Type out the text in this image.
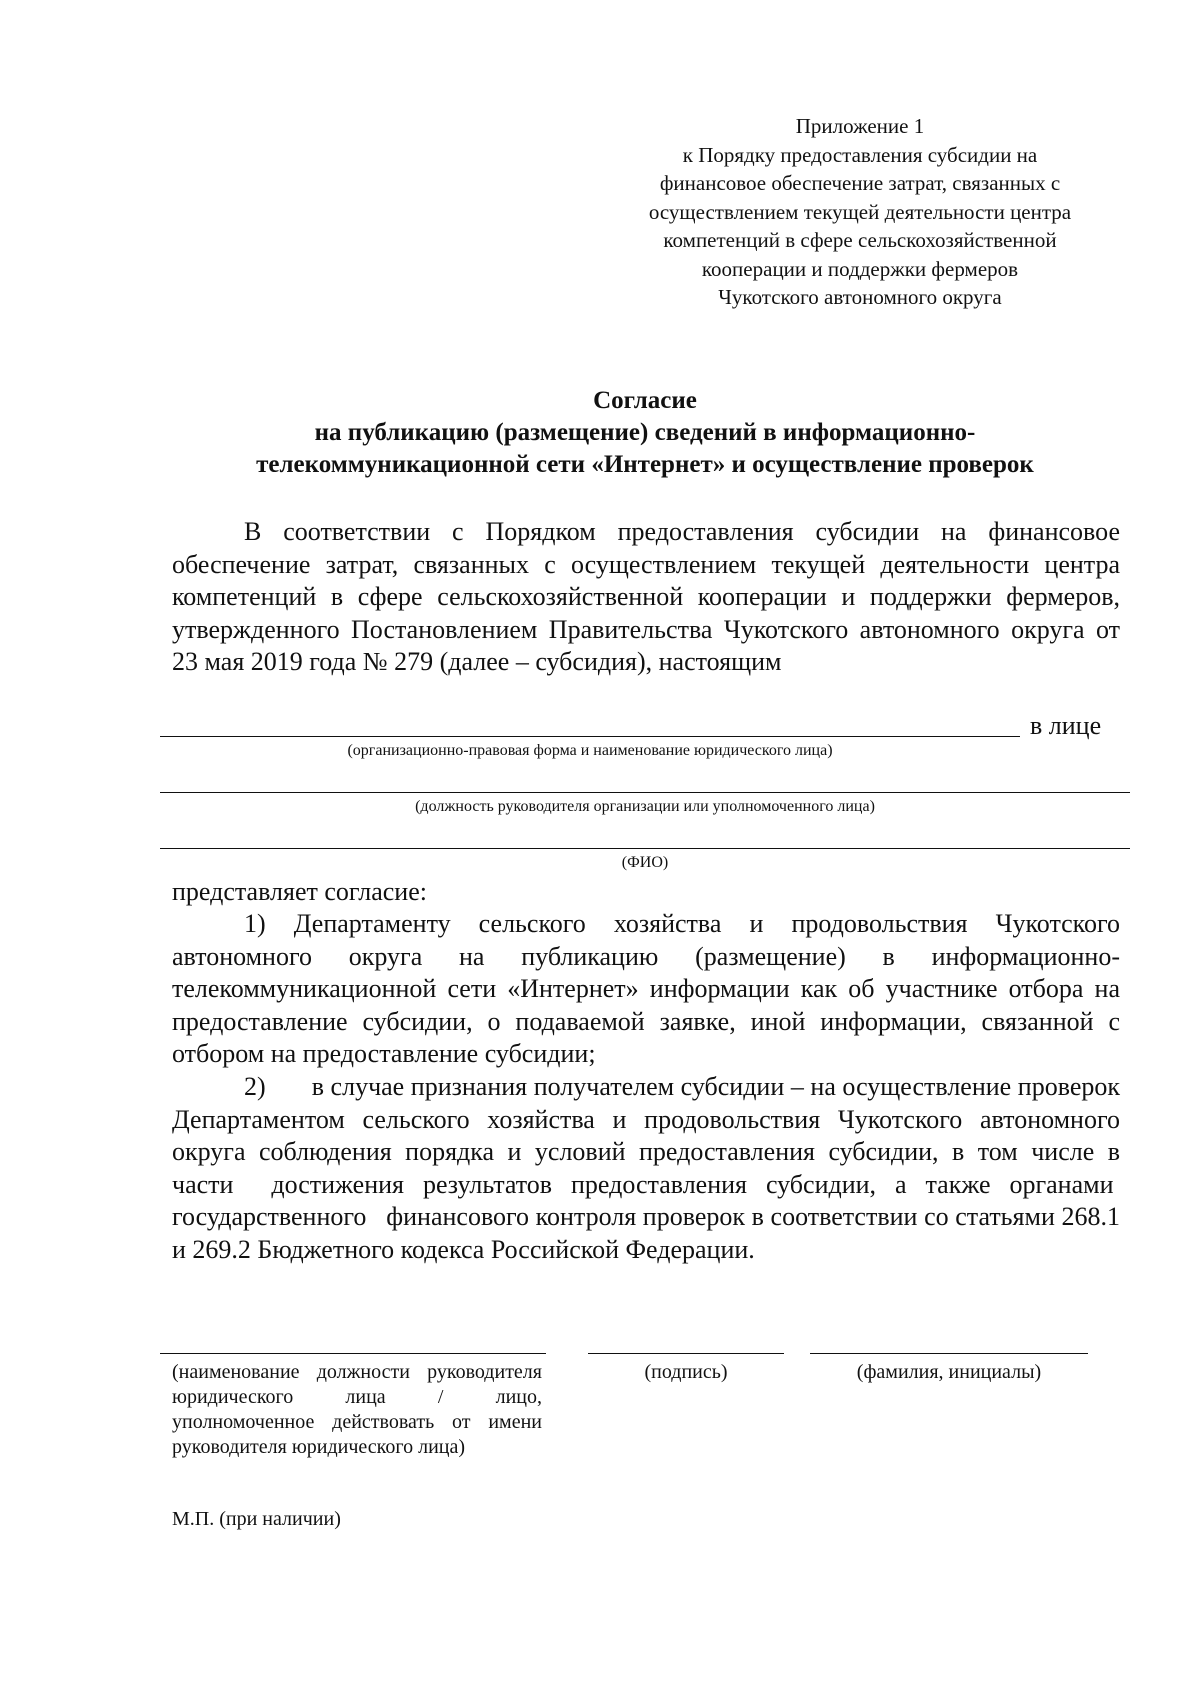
Приложение 1
к Порядку предоставления субсидии на
финансовое обеспечение затрат, связанных с
осуществлением текущей деятельности центра
компетенций в сфере сельскохозяйственной
кооперации и поддержки фермеров
Чукотского автономного округа
Согласие
на публикацию (размещение) сведений в информационно-
телекоммуникационной сети «Интернет» и осуществление проверок
В соответствии с Порядком предоставления субсидии на финансовое обеспечение затрат, связанных с осуществлением текущей деятельности центра компетенций в сфере сельскохозяйственной кооперации и поддержки фермеров, утвержденного Постановлением Правительства Чукотского автономного округа от 23 мая 2019 года № 279 (далее – субсидия), настоящим
в лице
(организационно-правовая форма и наименование юридического лица)
(должность руководителя организации или уполномоченного лица)
(ФИО)
представляет согласие:
1) Департаменту сельского хозяйства и продовольствия Чукотского автономного округа на публикацию (размещение) в информационно-телекоммуникационной сети «Интернет» информации как об участнике отбора на предоставление субсидии, о подаваемой заявке, иной информации, связанной с отбором на предоставление субсидии;
2)       в случае признания получателем субсидии – на осуществление проверок Департаментом сельского хозяйства и продовольствия Чукотского автономного округа соблюдения порядка и условий предоставления субсидии, в том числе в части  достижения результатов предоставления субсидии, а также органами  государственного   финансового контроля проверок в соответствии со статьями 268.1 и 269.2 Бюджетного кодекса Российской Федерации.
(наименование должности руководителя юридического лица / лицо, уполномоченное действовать от имени руководителя юридического лица)
(подпись)	(фамилия, инициалы)
М.П. (при наличии)
